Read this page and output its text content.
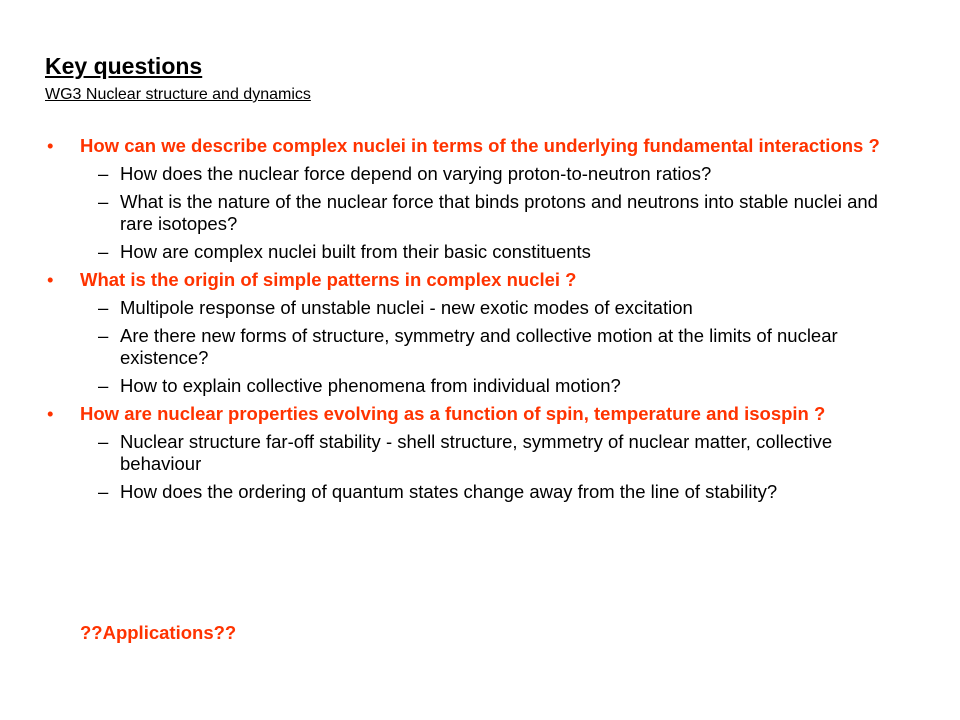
Key questions
WG3 Nuclear structure and dynamics
• How can we describe complex nuclei in terms of the underlying fundamental interactions ?
– How does the nuclear force depend on varying proton-to-neutron ratios?
– What is the nature of the nuclear force that binds protons and neutrons into stable nuclei and rare isotopes?
– How are complex nuclei built from their basic constituents
• What is the origin of simple patterns in complex nuclei ?
– Multipole response of unstable nuclei - new exotic modes of excitation
– Are there new forms of structure, symmetry and collective motion at the limits of nuclear existence?
– How to explain collective phenomena from individual motion?
• How are nuclear properties evolving as a function of spin, temperature and isospin ?
– Nuclear structure far-off stability - shell structure, symmetry of nuclear matter, collective behaviour
– How does the ordering of quantum states change away from the line of stability?
??Applications??
